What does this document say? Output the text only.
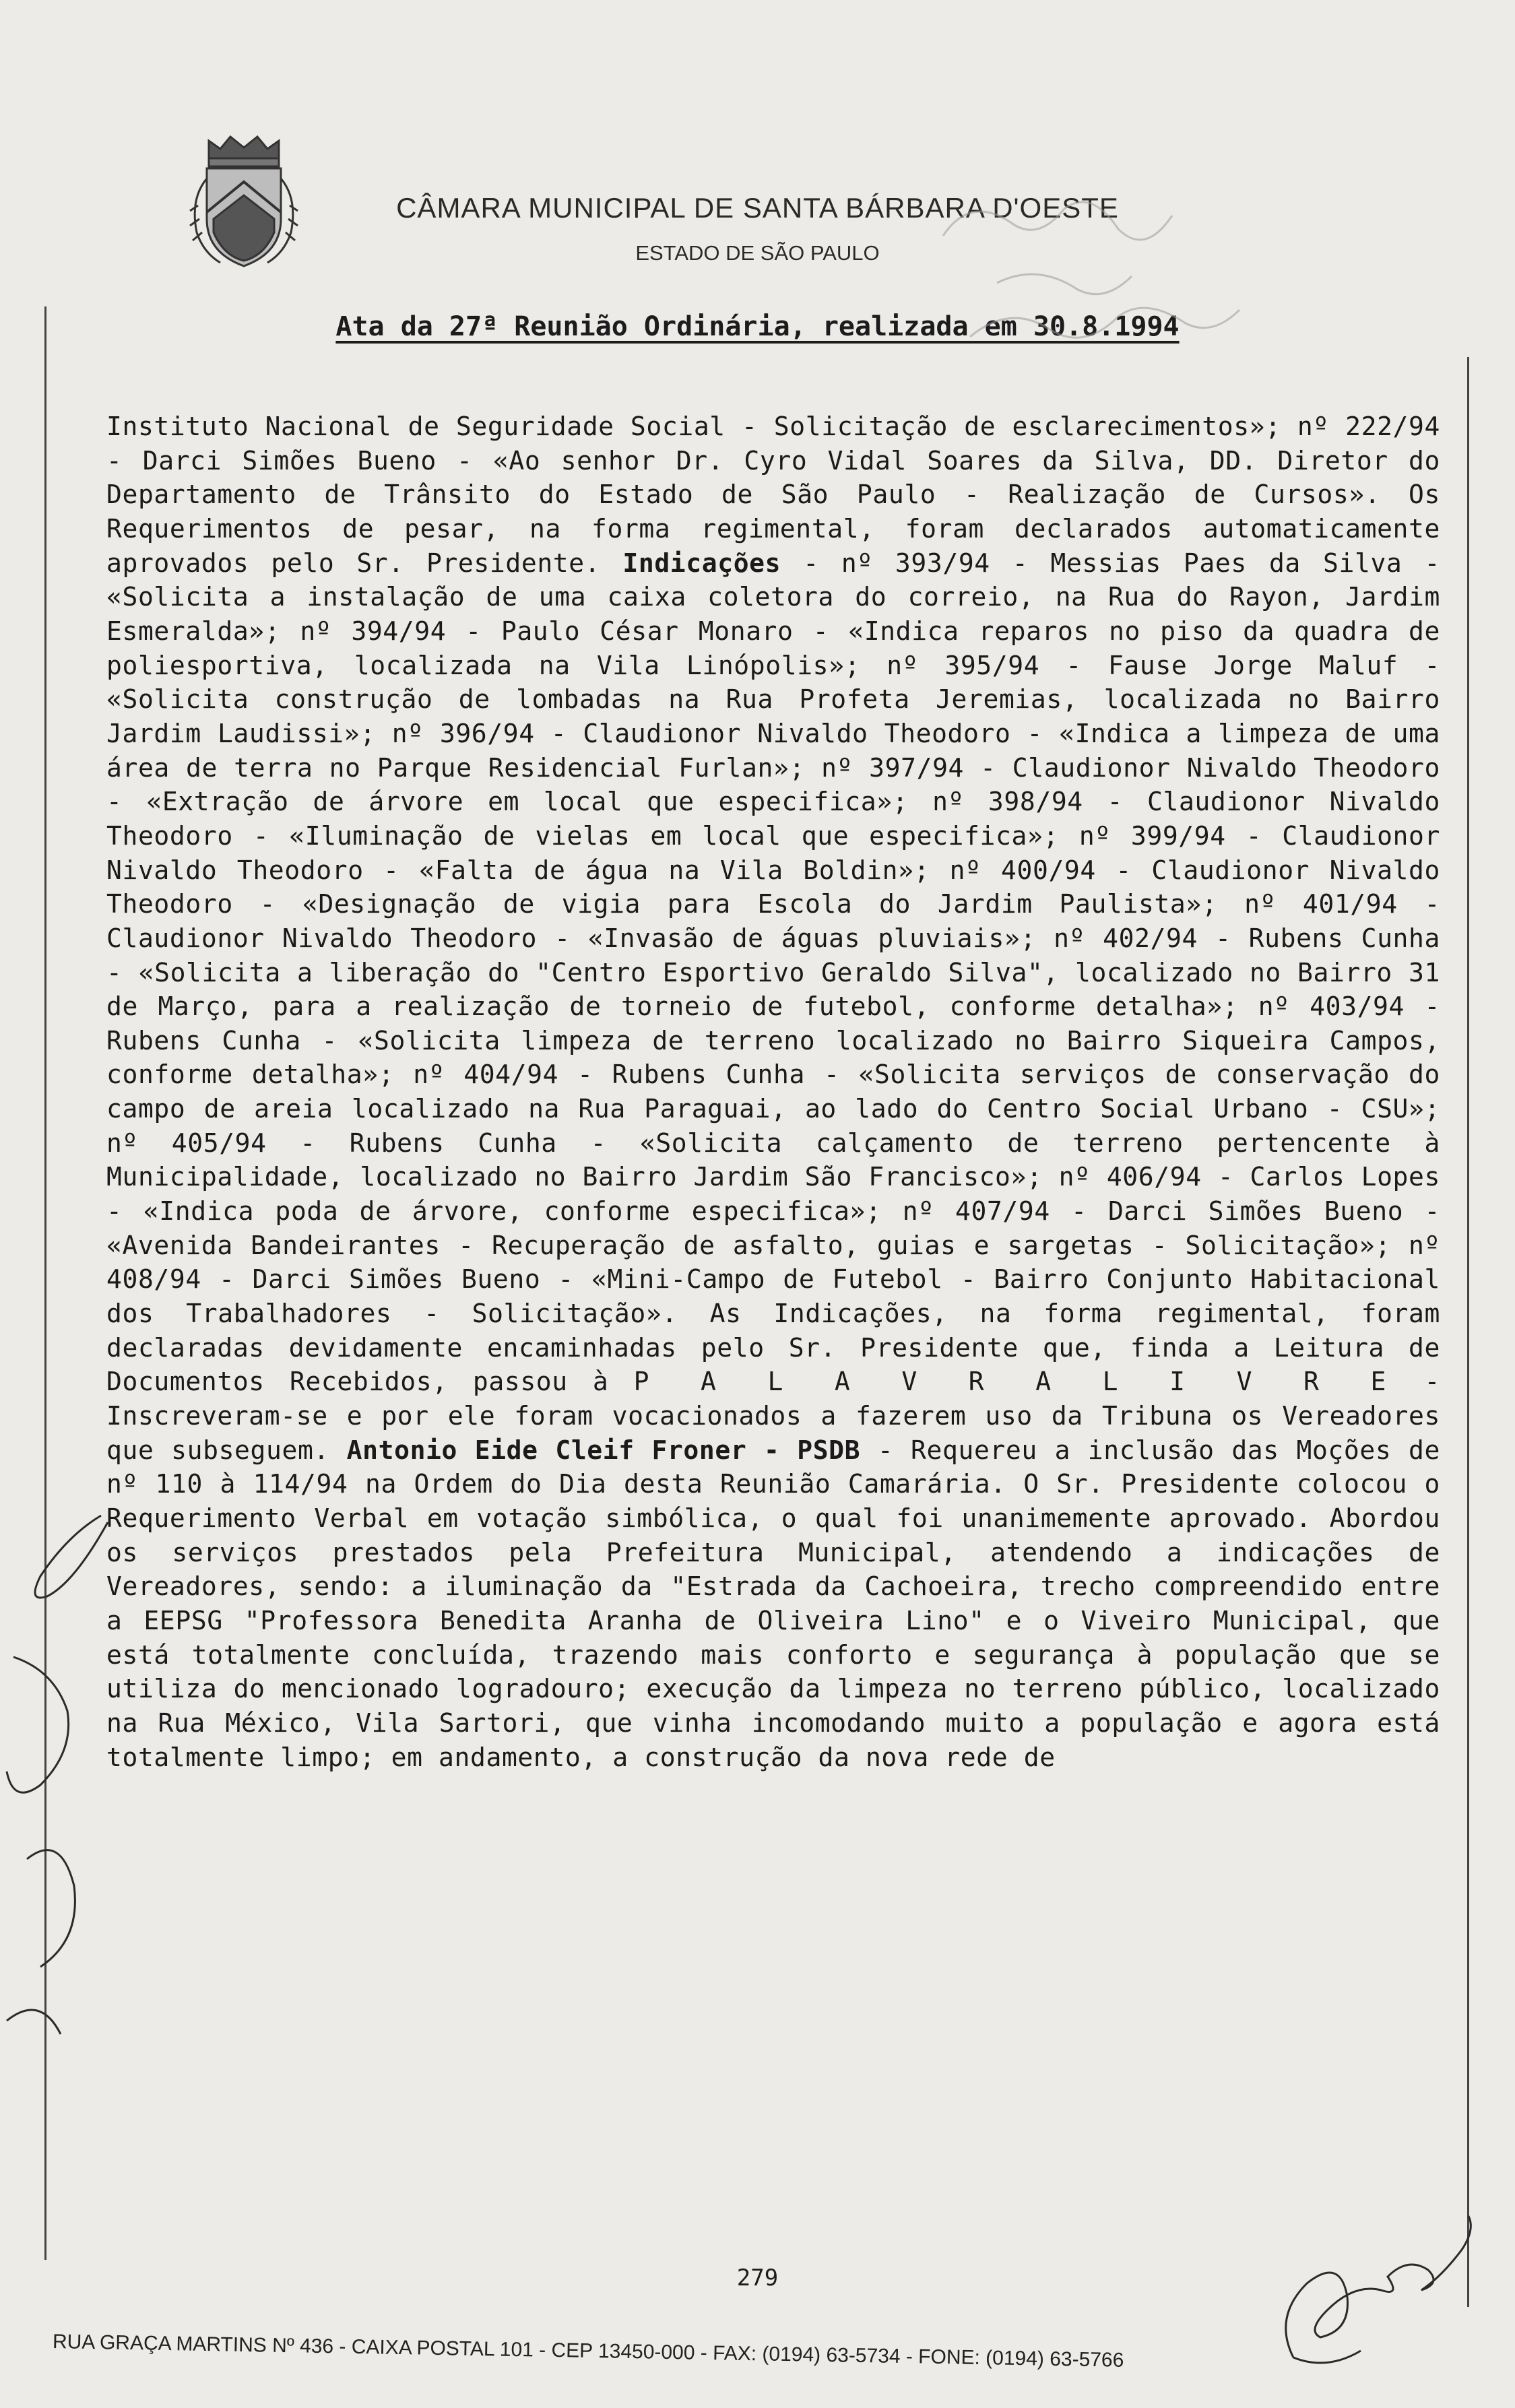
CÂMARA MUNICIPAL DE SANTA BÁRBARA D'OESTE
ESTADO DE SÃO PAULO
Ata da 27ª Reunião Ordinária, realizada em 30.8.1994
Instituto Nacional de Seguridade Social - Solicitação de esclarecimentos»; nº 222/94 - Darci Simões Bueno - «Ao senhor Dr. Cyro Vidal Soares da Silva, DD. Diretor do Departamento de Trânsito do Estado de São Paulo - Realização de Cursos». Os Requerimentos de pesar, na forma regimental, foram declarados automaticamente aprovados pelo Sr. Presidente. Indicações - nº 393/94 - Messias Paes da Silva - «Solicita a instalação de uma caixa coletora do correio, na Rua do Rayon, Jardim Esmeralda»; nº 394/94 - Paulo César Monaro - «Indica reparos no piso da quadra de poliesportiva, localizada na Vila Linópolis»; nº 395/94 - Fause Jorge Maluf - «Solicita construção de lombadas na Rua Profeta Jeremias, localizada no Bairro Jardim Laudissi»; nº 396/94 - Claudionor Nivaldo Theodoro - «Indica a limpeza de uma área de terra no Parque Residencial Furlan»; nº 397/94 - Claudionor Nivaldo Theodoro - «Extração de árvore em local que especifica»; nº 398/94 - Claudionor Nivaldo Theodoro - «Iluminação de vielas em local que especifica»; nº 399/94 - Claudionor Nivaldo Theodoro - «Falta de água na Vila Boldin»; nº 400/94 - Claudionor Nivaldo Theodoro - «Designação de vigia para Escola do Jardim Paulista»; nº 401/94 - Claudionor Nivaldo Theodoro - «Invasão de águas pluviais»; nº 402/94 - Rubens Cunha - «Solicita a liberação do "Centro Esportivo Geraldo Silva", localizado no Bairro 31 de Março, para a realização de torneio de futebol, conforme detalha»; nº 403/94 - Rubens Cunha - «Solicita limpeza de terreno localizado no Bairro Siqueira Campos, conforme detalha»; nº 404/94 - Rubens Cunha - «Solicita serviços de conservação do campo de areia localizado na Rua Paraguai, ao lado do Centro Social Urbano - CSU»; nº 405/94 - Rubens Cunha - «Solicita calçamento de terreno pertencente à Municipalidade, localizado no Bairro Jardim São Francisco»; nº 406/94 - Carlos Lopes - «Indica poda de árvore, conforme especifica»; nº 407/94 - Darci Simões Bueno - «Avenida Bandeirantes - Recuperação de asfalto, guias e sargetas - Solicitação»; nº 408/94 - Darci Simões Bueno - «Mini-Campo de Futebol - Bairro Conjunto Habitacional dos Trabalhadores - Solicitação». As Indicações, na forma regimental, foram declaradas devidamente encaminhadas pelo Sr. Presidente que, finda a Leitura de Documentos Recebidos, passou à P A L A V R A L I V R E - Inscreveram-se e por ele foram vocacionados a fazerem uso da Tribuna os Vereadores que subseguem. Antonio Eide Cleif Froner - PSDB - Requereu a inclusão das Moções de nº 110 à 114/94 na Ordem do Dia desta Reunião Camarária. O Sr. Presidente colocou o Requerimento Verbal em votação simbólica, o qual foi unanimemente aprovado. Abordou os serviços prestados pela Prefeitura Municipal, atendendo a indicações de Vereadores, sendo: a iluminação da "Estrada da Cachoeira, trecho compreendido entre a EEPSG "Professora Benedita Aranha de Oliveira Lino" e o Viveiro Municipal, que está totalmente concluída, trazendo mais conforto e segurança à população que se utiliza do mencionado logradouro; execução da limpeza no terreno público, localizado na Rua México, Vila Sartori, que vinha incomodando muito a população e agora está totalmente limpo; em andamento, a construção da nova rede de
279
RUA GRAÇA MARTINS Nº 436 - CAIXA POSTAL 101 - CEP 13450-000 - FAX: (0194) 63-5734 - FONE: (0194) 63-5766
